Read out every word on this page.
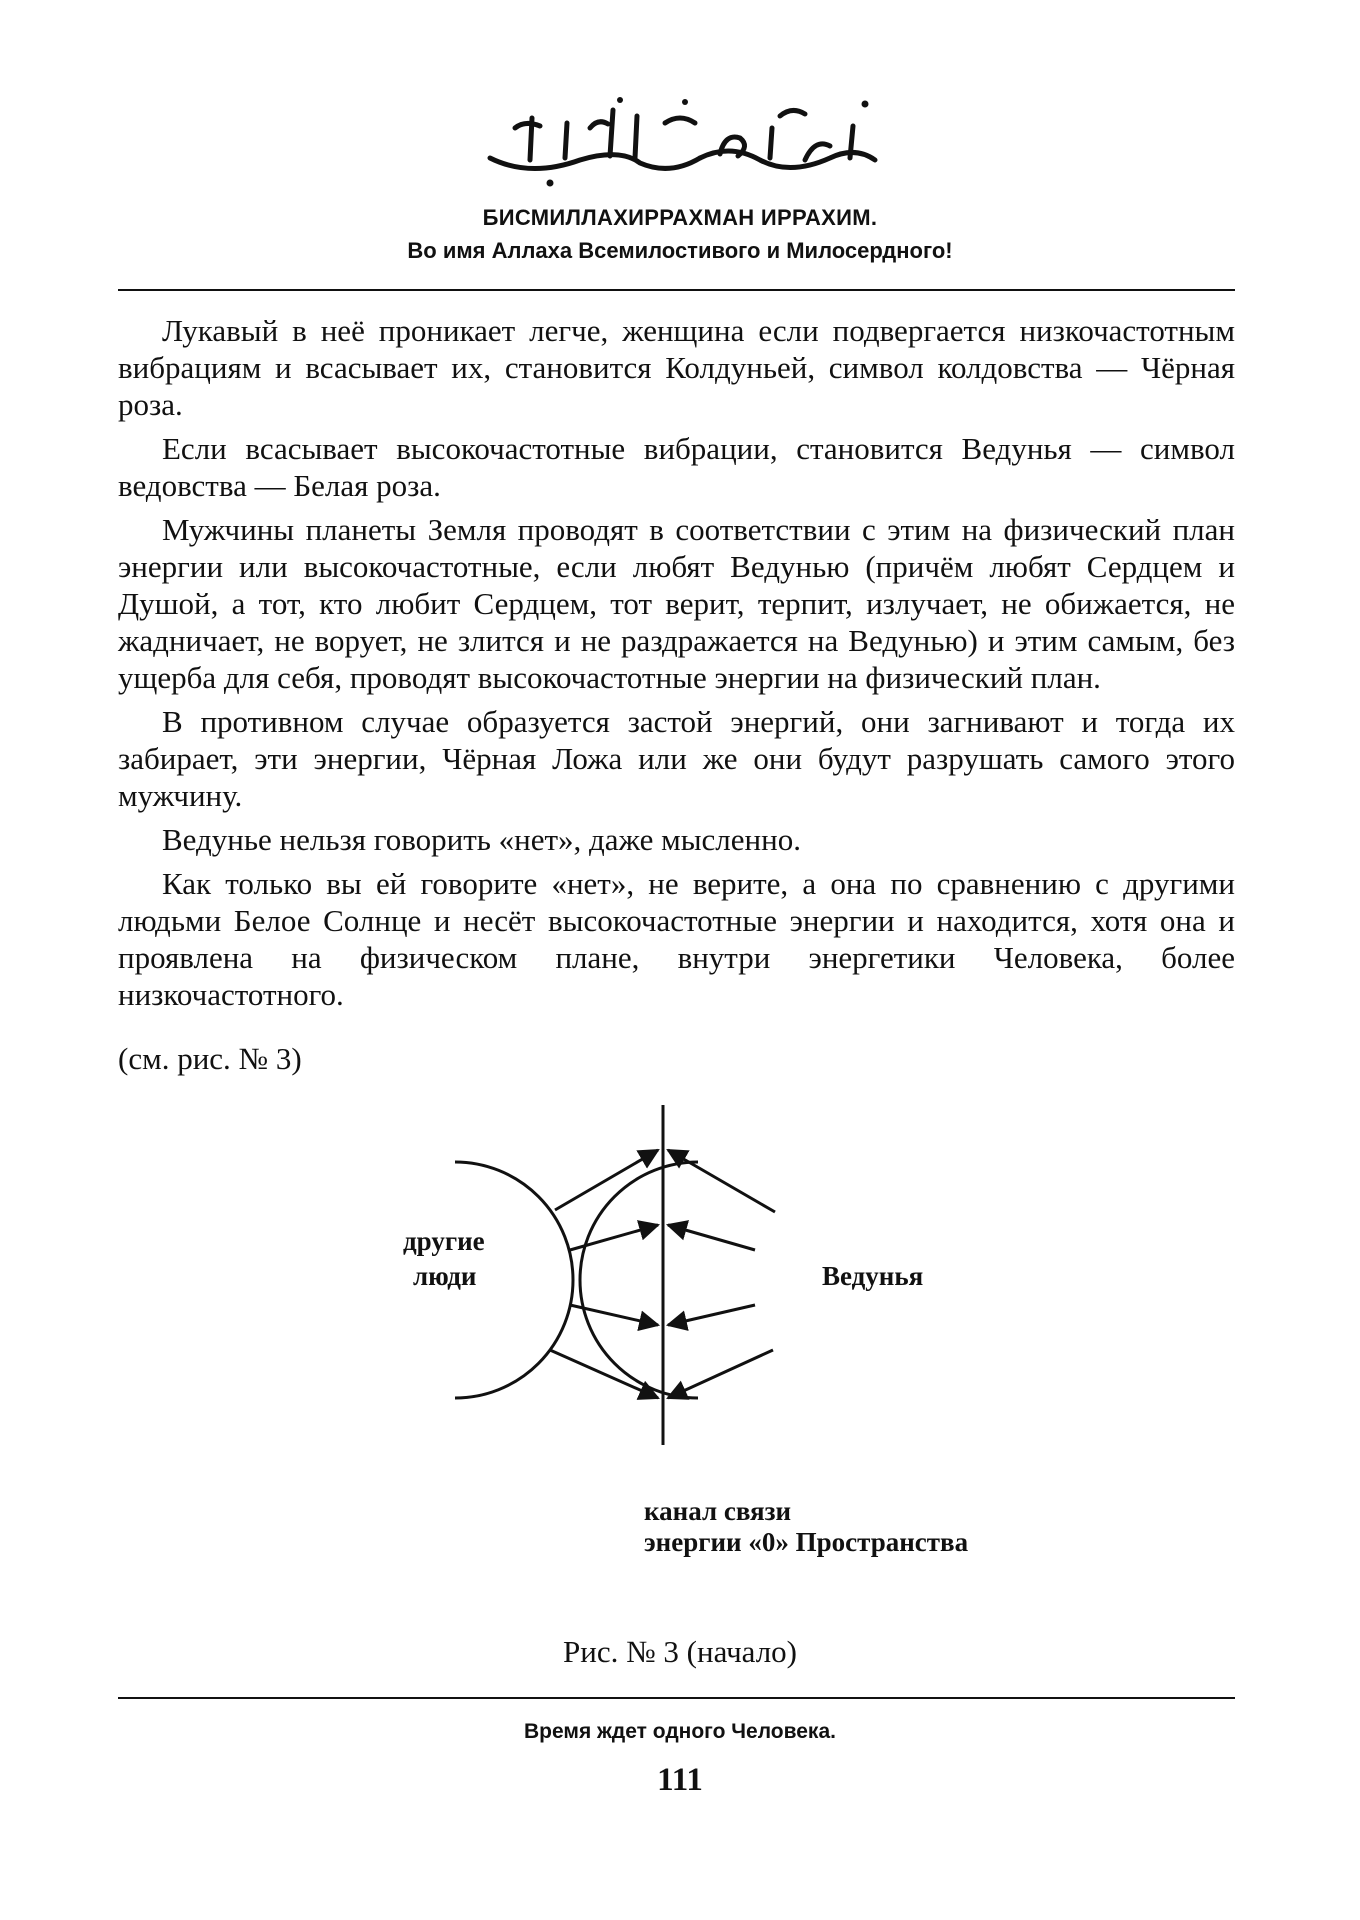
БИСМИЛЛАХИРРАХМАН ИРРАХИМ.
Во имя Аллаха Всемилостивого и Милосердного!

Лукавый в неё проникает легче, женщина если подвергается низкочастотным вибрациям и всасывает их, становится Колдуньей, символ колдовства — Чёрная роза.

Если всасывает высокочастотные вибрации, становится Ведунья — символ ведовства — Белая роза.

Мужчины планеты Земля проводят в соответствии с этим на физический план энергии или высокочастотные, если любят Ведунью (причём любят Сердцем и Душой, а тот, кто любит Сердцем, тот верит, терпит, излучает, не обижается, не жадничает, не ворует, не злится и не раздражается на Ведунью) и этим самым, без ущерба для себя, проводят высокочастотные энергии на физический план.

В противном случае образуется застой энергий, они загнивают и тогда их забирает, эти энергии, Чёрная Ложа или же они будут разрушать самого этого мужчину.

Ведунье нельзя говорить «нет», даже мысленно.

Как только вы ей говорите «нет», не верите, а она по сравнению с другими людьми Белое Солнце и несёт высокочастотные энергии и находится, хотя она и проявлена на физическом плане, внутри энергетики Человека, более низкочастотного.

(см. рис. № 3)
другие
люди	Ведунья
канал связи
энергии «0» Пространства
Рис. № 3 (начало)
Время ждет одного Человека.
111
